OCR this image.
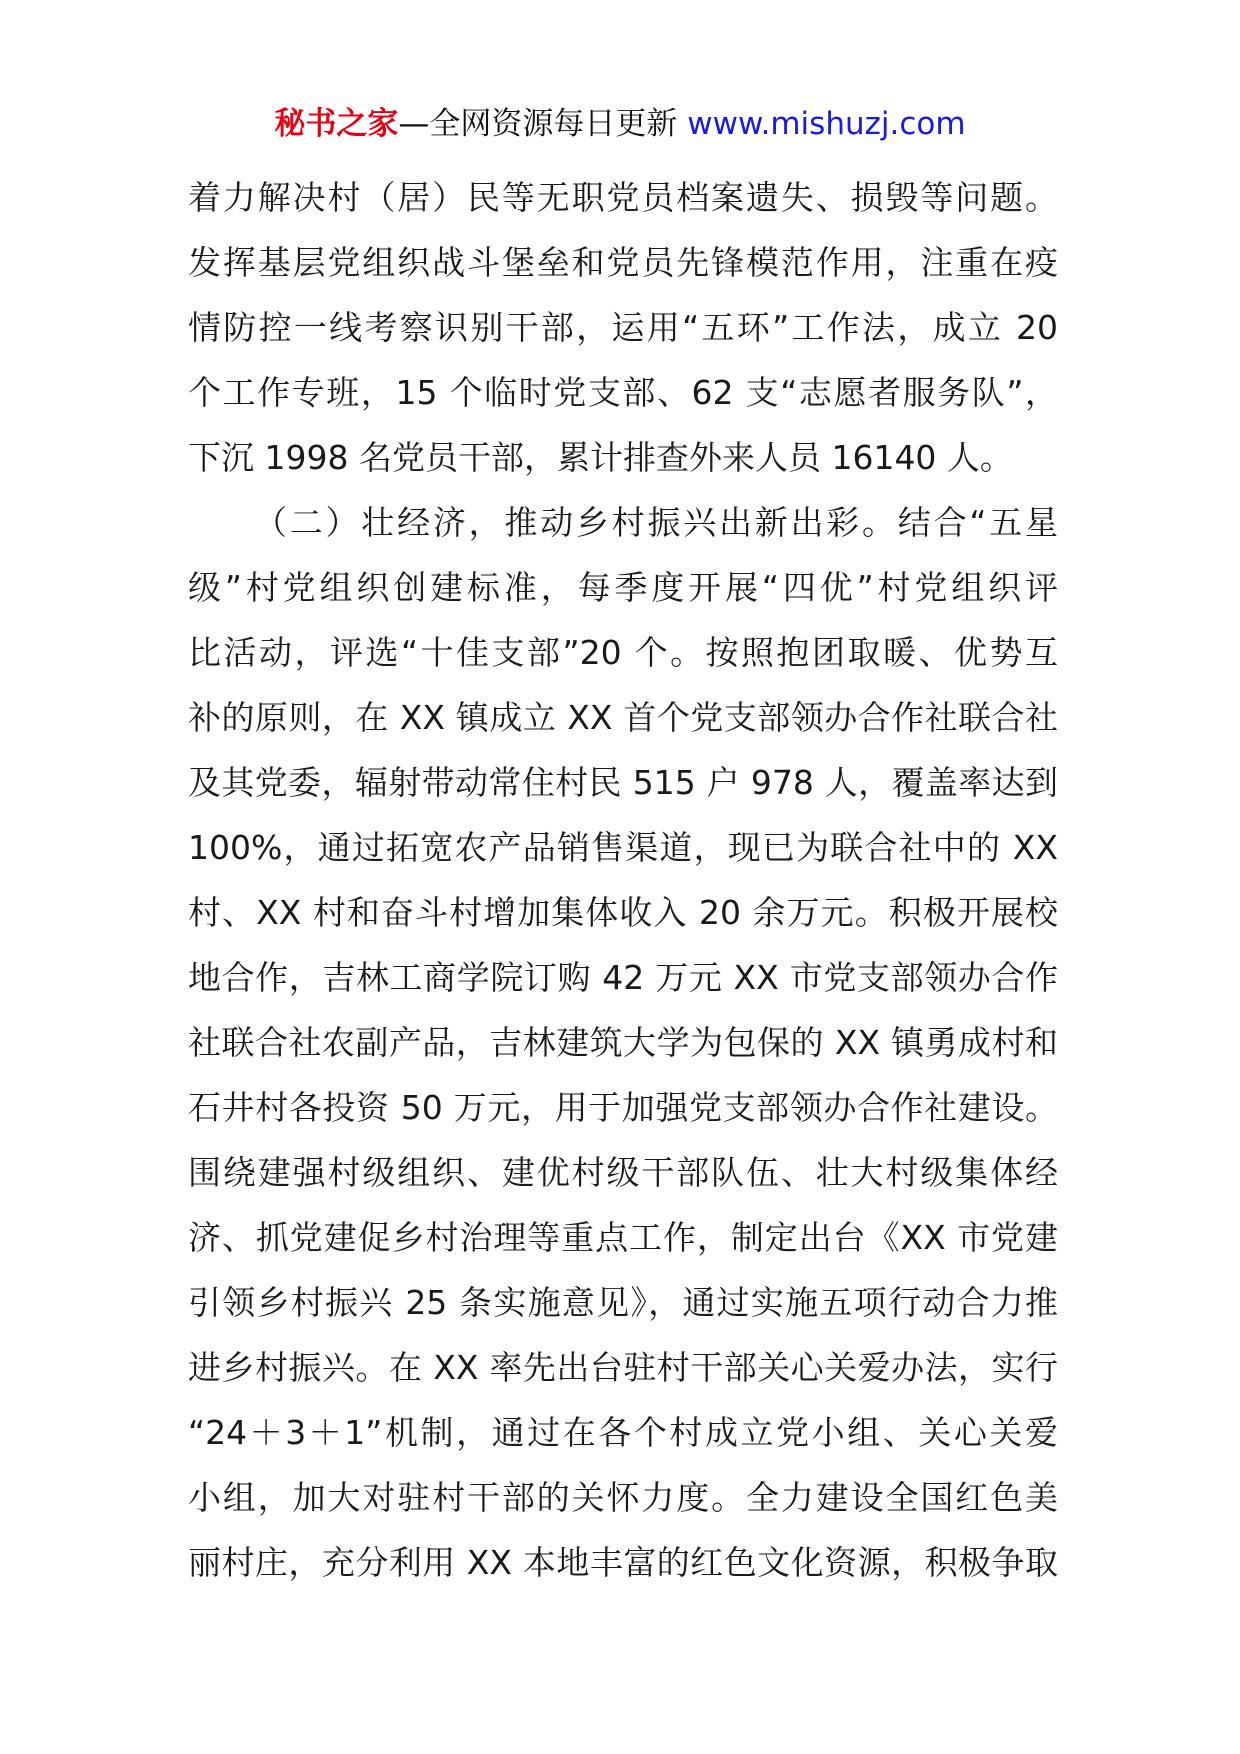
秘书之家—全网资源每日更新 www.mishuzj.com
着力解决村（居）民等无职党员档案遗失、损毁等问题。
发挥基层党组织战斗堡垒和党员先锋模范作用，注重在疫
情防控一线考察识别干部，运用“五环”工作法，成立 20
个工作专班，15 个临时党支部、62 支“志愿者服务队”，
下沉 1998 名党员干部，累计排查外来人员 16140 人。
（二）壮经济，推动乡村振兴出新出彩。结合“五星
级”村党组织创建标准，每季度开展“四优”村党组织评
比活动，评选“十佳支部”20 个。按照抱团取暖、优势互
补的原则，在 XX 镇成立 XX 首个党支部领办合作社联合社
及其党委，辐射带动常住村民 515 户 978 人，覆盖率达到
100%，通过拓宽农产品销售渠道，现已为联合社中的 XX
村、XX 村和奋斗村增加集体收入 20 余万元。积极开展校
地合作，吉林工商学院订购 42 万元 XX 市党支部领办合作
社联合社农副产品，吉林建筑大学为包保的 XX 镇勇成村和
石井村各投资 50 万元，用于加强党支部领办合作社建设。
围绕建强村级组织、建优村级干部队伍、壮大村级集体经
济、抓党建促乡村治理等重点工作，制定出台《XX 市党建
引领乡村振兴 25 条实施意见》，通过实施五项行动合力推
进乡村振兴。在 XX 率先出台驻村干部关心关爱办法，实行
“24＋3＋1”机制，通过在各个村成立党小组、关心关爱
小组，加大对驻村干部的关怀力度。全力建设全国红色美
丽村庄，充分利用 XX 本地丰富的红色文化资源，积极争取
